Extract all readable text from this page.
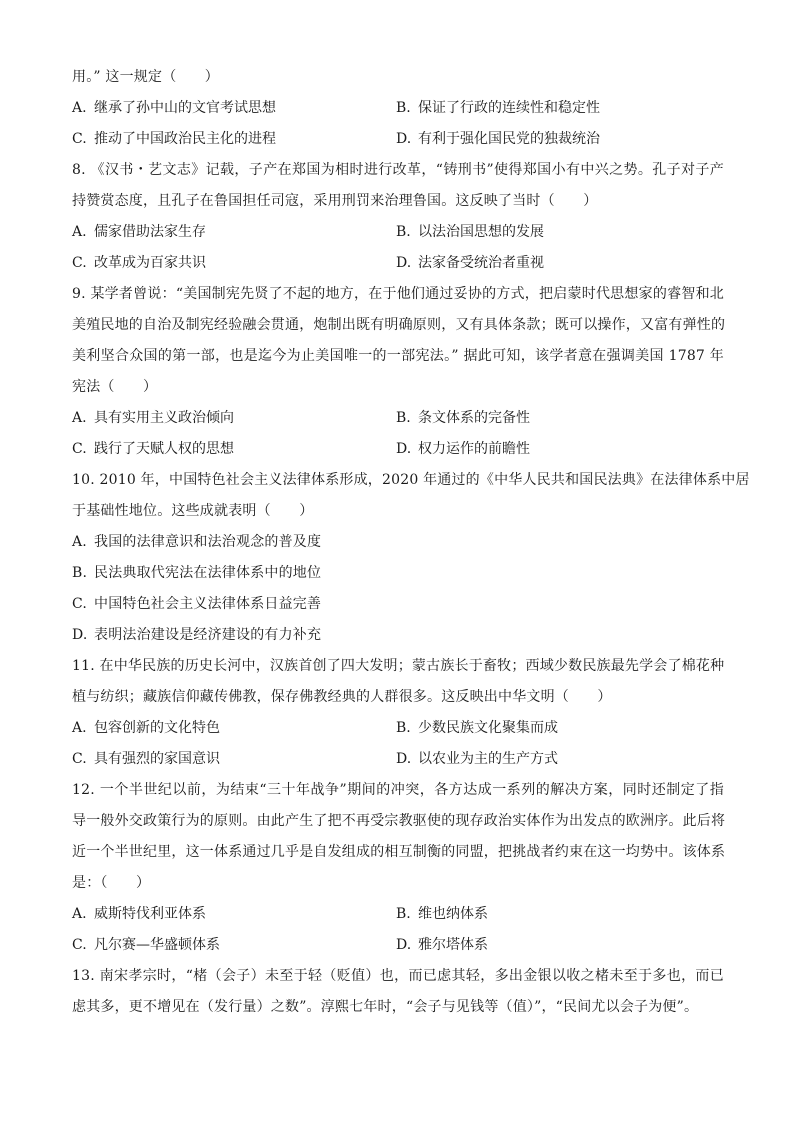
用。” 这一规定（　　）
A. 继承了孙中山的文官考试思想	B. 保证了行政的连续性和稳定性
C. 推动了中国政治民主化的进程	D. 有利于强化国民党的独裁统治
8. 《汉书・艺文志》记载，子产在郑国为相时进行改革，“铸刑书”使得郑国小有中兴之势。孔子对子产
持赞赏态度，且孔子在鲁国担任司寇，采用刑罚来治理鲁国。这反映了当时（　　）
A. 儒家借助法家生存	B. 以法治国思想的发展
C. 改革成为百家共识	D. 法家备受统治者重视
9. 某学者曾说：“美国制宪先贤了不起的地方，在于他们通过妥协的方式，把启蒙时代思想家的睿智和北
美殖民地的自治及制宪经验融会贯通，炮制出既有明确原则，又有具体条款；既可以操作，又富有弹性的
美利坚合众国的第一部，也是迄今为止美国唯一的一部宪法。” 据此可知，该学者意在强调美国 1787 年
宪法（　　）
A. 具有实用主义政治倾向	B. 条文体系的完备性
C. 践行了天赋人权的思想	D. 权力运作的前瞻性
10. 2010 年，中国特色社会主义法律体系形成，2020 年通过的《中华人民共和国民法典》在法律体系中居
于基础性地位。这些成就表明（　　）
A. 我国的法律意识和法治观念的普及度
B. 民法典取代宪法在法律体系中的地位
C. 中国特色社会主义法律体系日益完善
D. 表明法治建设是经济建设的有力补充
11. 在中华民族的历史长河中，汉族首创了四大发明；蒙古族长于畜牧；西域少数民族最先学会了棉花种
植与纺织；藏族信仰藏传佛教，保存佛教经典的人群很多。这反映出中华文明（　　）
A. 包容创新的文化特色	B. 少数民族文化聚集而成
C. 具有强烈的家国意识	D. 以农业为主的生产方式
12. 一个半世纪以前，为结束“三十年战争”期间的冲突，各方达成一系列的解决方案，同时还制定了指
导一般外交政策行为的原则。由此产生了把不再受宗教驱使的现存政治实体作为出发点的欧洲序。此后将
近一个半世纪里，这一体系通过几乎是自发组成的相互制衡的同盟，把挑战者约束在这一均势中。该体系
是：（　　）
A. 威斯特伐利亚体系	B. 维也纳体系
C. 凡尔赛—华盛顿体系	D. 雅尔塔体系
13. 南宋孝宗时，“楮（会子）未至于轻（贬值）也，而已虑其轻，多出金银以收之楮未至于多也，而已
虑其多，更不增见在（发行量）之数”。淳熙七年时，“会子与见钱等（值）”，“民间尤以会子为便”。
